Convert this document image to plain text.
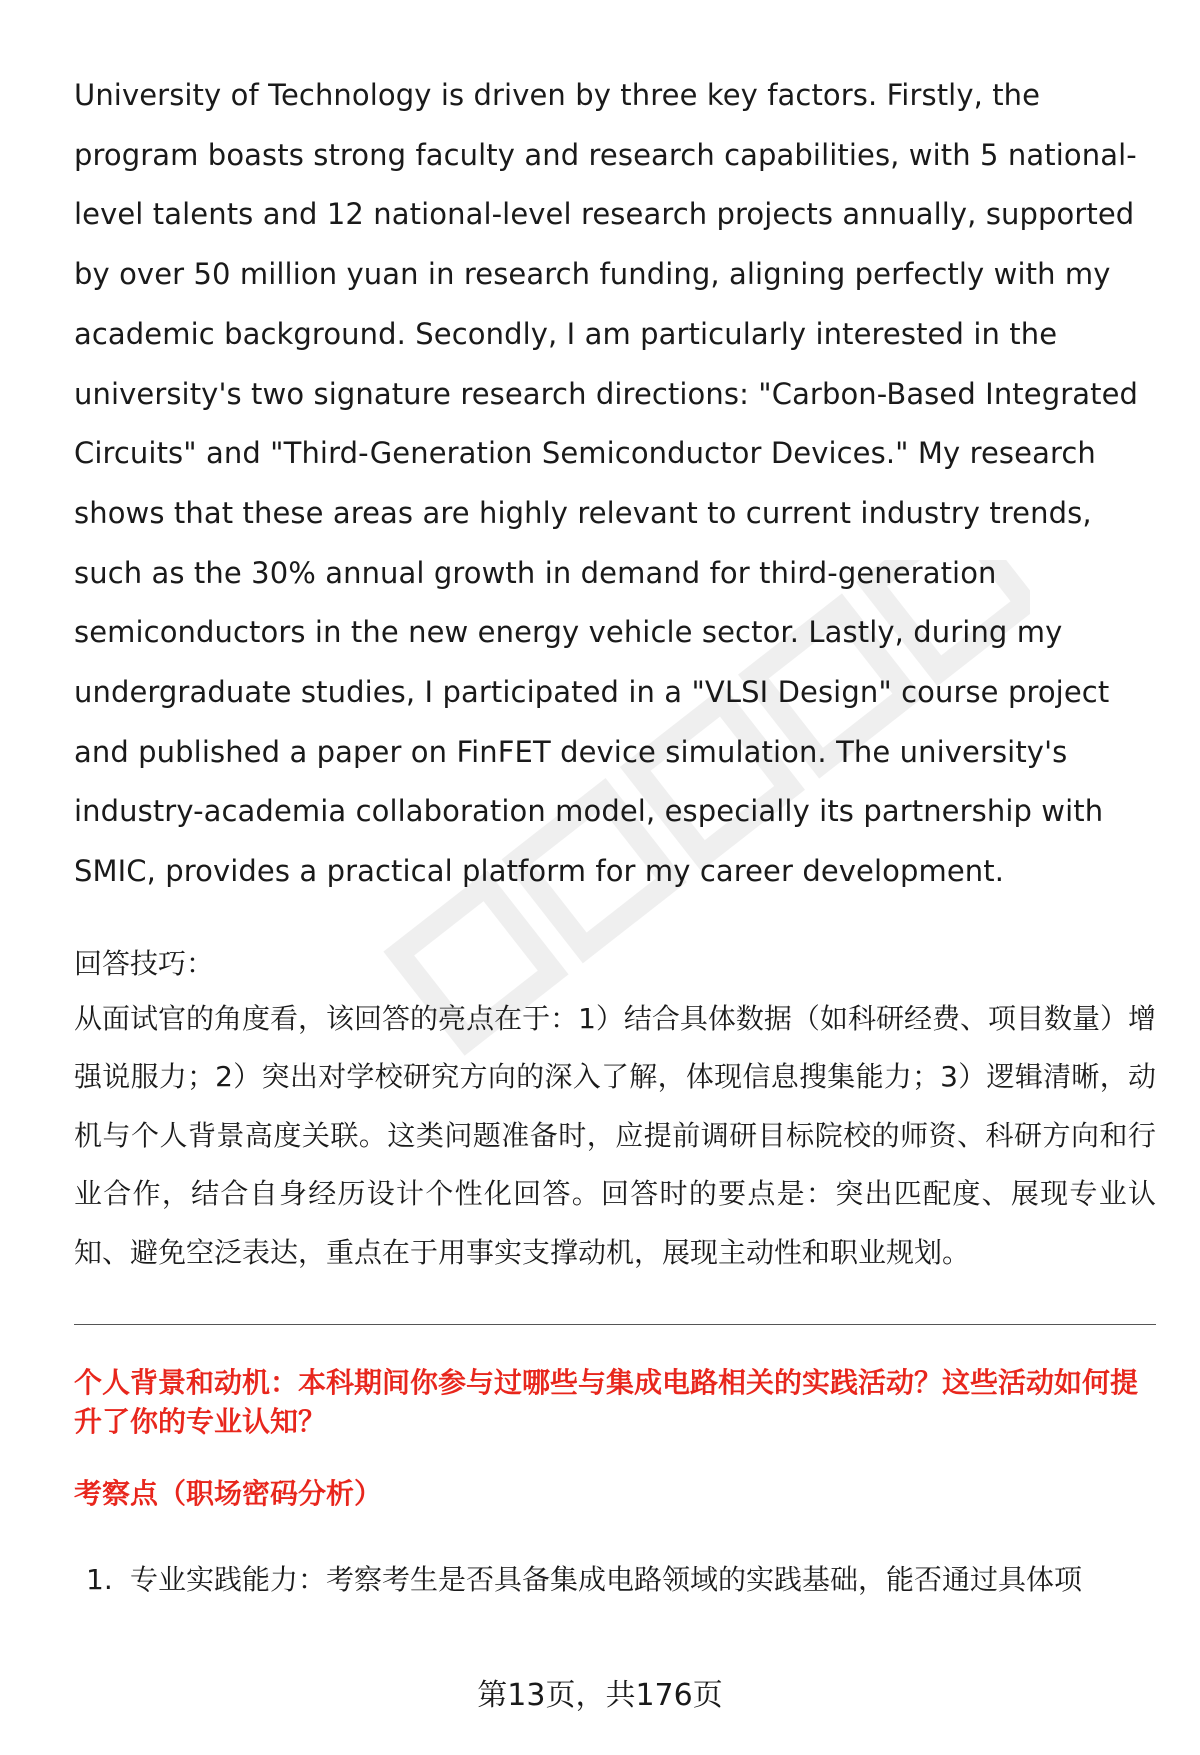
University of Technology is driven by three key factors. Firstly, the program boasts strong faculty and research capabilities, with 5 national-level talents and 12 national-level research projects annually, supported by over 50 million yuan in research funding, aligning perfectly with my academic background. Secondly, I am particularly interested in the university's two signature research directions: "Carbon-Based Integrated Circuits" and "Third-Generation Semiconductor Devices." My research shows that these areas are highly relevant to current industry trends, such as the 30% annual growth in demand for third-generation semiconductors in the new energy vehicle sector. Lastly, during my undergraduate studies, I participated in a "VLSI Design" course project and published a paper on FinFET device simulation. The university's industry-academia collaboration model, especially its partnership with SMIC, provides a practical platform for my career development.

回答技巧：

从面试官的角度看，该回答的亮点在于：1）结合具体数据（如科研经费、项目数量）增强说服力；2）突出对学校研究方向的深入了解，体现信息搜集能力；3）逻辑清晰，动机与个人背景高度关联。这类问题准备时，应提前调研目标院校的师资、科研方向和行业合作，结合自身经历设计个性化回答。回答时的要点是：突出匹配度、展现专业认知、避免空泛表达，重点在于用事实支撑动机，展现主动性和职业规划。

个人背景和动机：本科期间你参与过哪些与集成电路相关的实践活动？这些活动如何提升了你的专业认知？
考察点（职场密码分析）
1. 专业实践能力：考察考生是否具备集成电路领域的实践基础，能否通过具体项
第13页，共176页
